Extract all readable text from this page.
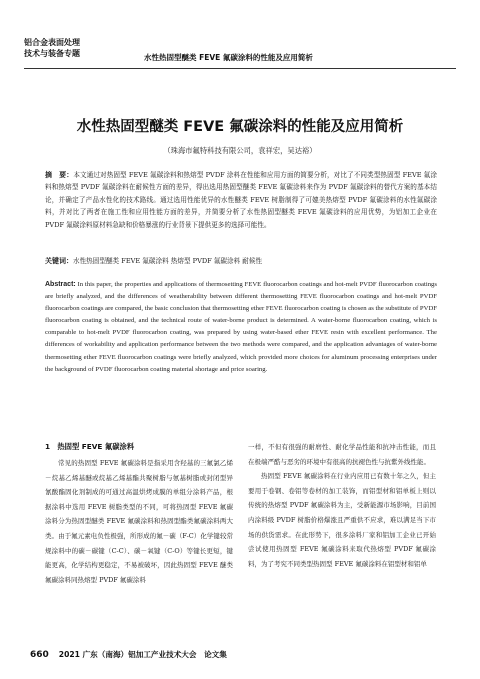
铝合金表面处理
技术与装备专题	水性热固型醚类 FEVE 氟碳涂料的性能及应用简析
水性热固型醚类 FEVE 氟碳涂料的性能及应用简析
（珠海市氟特科技有限公司，袁祥宏，吴达裕）
摘　要：本文通过对热固型 FEVE 氟碳涂料和热熔型 PVDF 涂料在性能和应用方面的简要分析，对比了不同类型热固型 FEVE 氟涂料和热熔型 PVDF 氟碳涂料在耐候性方面的差异，得出选用热固型醚类 FEVE 氟碳涂料来作为 PVDF 氟碳涂料的替代方案的基本结论，并确定了产品水性化的技术路线。通过选用性能优异的水性醚类 FEVE 树脂制得了可媲美热熔型 PVDF 氟碳涂料的水性氟碳涂料，并对比了两者在施工性和应用性能方面的差异，并简要分析了水性热固型醚类 FEVE 氟碳涂料的应用优势，为铝加工企业在 PVDF 氟碳涂料原材料急缺和价格暴涨的行业背景下提供更多的选择可能性。
关键词：水性热固型醚类 FEVE 氟碳涂料 热熔型 PVDF 氟碳涂料 耐候性
Abstract: In this paper, the properties and applications of thermosetting FEVE fluorocarbon coatings and hot-melt PVDF fluorocarbon coatings are briefly analyzed, and the differences of weatherability between different thermosetting FEVE fluorocarbon coatings and hot-melt PVDF fluorocarbon coatings are compared, the basic conclusion that thermosetting ether FEVE fluorocarbon coating is chosen as the substitute of PVDF fluorocarbon coating is obtained, and the technical route of water-borne product is determined. A water-borne fluorocarbon coating, which is comparable to hot-melt PVDF fluorocarbon coating, was prepared by using water-based ether FEVE resin with excellent performance. The differences of workability and application performance between the two methods were compared, and the application advantages of water-borne thermosetting ether FEVE fluorocarbon coatings were briefly analyzed, which provided more choices for aluminum processing enterprises under the background of PVDF fluorocarbon coating material shortage and price soaring.
1　热固型 FEVE 氟碳涂料

常见的热固型 FEVE 氟碳涂料是指采用含羟基的三氟氯乙烯－烷基乙烯基醚或烷基乙烯基酯共聚树脂与氨基树脂或封闭型异氰酸酯固化剂制成的可通过高温烘烤成膜的单组分涂料产品，根据涂料中选用 FEVE 树脂类型的不同，可将热固型 FEVE 氟碳涂料分为热固型醚类 FEVE 氟碳涂料和热固型酯类氟碳涂料两大类。由于氟元素电负性极强，所形成的氟－碳（F-C）化学键较常规涂料中的碳－碳键（C-C）、碳－氧键（C-O）等键长更短，键能更高，化学结构更稳定，不易被破坏，因此热固型 FEVE 醚类氟碳涂料同热熔型 PVDF 氟碳涂料

一样，不但有很强的耐磨性、耐化学品性能和抗冲击性能，而且在极端严酷与恶劣的环境中有很高的抗褪色性与抗紫外线性能。

热固型 FEVE 氟碳涂料在行业内应用已有数十年之久，但主要用于卷钢、卷铝等卷材的加工装饰，而铝型材和铝单板上则以传统的热熔型 PVDF 氟碳涂料为主，受新能源市场影响，目前国内涂料级 PVDF 树脂价格爆涨且严重供不应求，难以满足当下市场的供货需求。在此形势下，很多涂料厂家和铝加工企业已开始尝试使用热固型 FEVE 氟碳涂料来取代热熔型 PVDF 氟碳涂料，为了考究不同类型热固型 FEVE 氟碳涂料在铝型材和铝单

660 2021 广东（南海）铝加工产业技术大会　论文集
